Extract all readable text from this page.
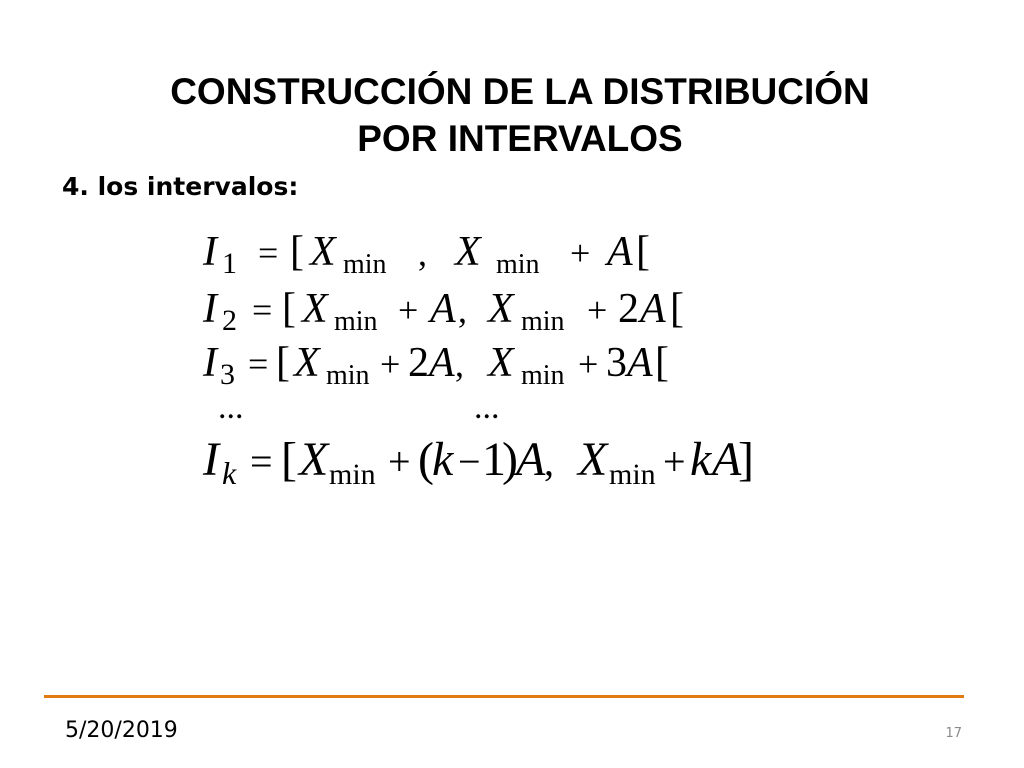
CONSTRUCCIÓN DE LA DISTRIBUCIÓN
POR INTERVALOS
4. los intervalos:
I 1 = [ X min , X min + A [
I 2 = [ X min + A , X min + 2 A [
I 3 = [ X min + 2 A , X min + 3 A [
...	...
I k = [ X min + (
k − 1
)
A
, X min + k A
]
5/20/2019	17
